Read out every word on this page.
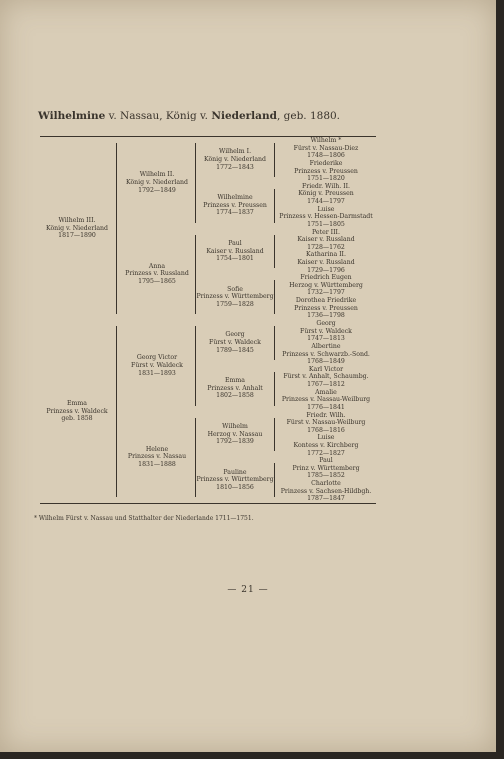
Wilhelmine v. Nassau, König v. Niederland, geb. 1880.
Wilhelm III.
König v. Niederland
1817—1890
Emma
Prinzess v. Waldeck
geb. 1858
Wilhelm II.
König v. Niederland
1792—1849
Anna
Prinzess v. Russland
1795—1865
Georg Victor
Fürst v. Waldeck
1831—1893
Helene
Prinzess v. Nassau
1831—1888
Wilhelm I.
König v. Niederland
1772—1843
Wilhelmine
Prinzess v. Preussen
1774—1837
Paul
Kaiser v. Russland
1754—1801
Sofie
Prinzess v. Württemberg
1759—1828
Georg
Fürst v. Waldeck
1789—1845
Emma
Prinzess v. Anhalt
1802—1858
Wilhelm
Herzog v. Nassau
1792—1839
Pauline
Prinzess v. Württemberg
1810—1856
Wilhelm *
Fürst v. Nassau-Diez
1748—1806
Friederike
Prinzess v. Preussen
1751—1820
Friedr. Wilh. II.
König v. Preussen
1744—1797
Luise
Prinzess v. Hessen-Darmstadt
1751—1805
Peter III.
Kaiser v. Russland
1728—1762
Katharina II.
Kaiser v. Russland
1729—1796
Friedrich Eugen
Herzog v. Württemberg
1732—1797
Dorothea Friedrike
Prinzess v. Preussen
1736—1798
Georg
Fürst v. Waldeck
1747—1813
Albertine
Prinzess v. Schwarzb.-Sond.
1768—1849
Karl Victor
Fürst v. Anhalt, Schaumbg.
1767—1812
Amalie
Prinzess v. Nassau-Weilburg
1776—1841
Friedr. Wilh.
Fürst v. Nassau-Weilburg
1768—1816
Luise
Kontess v. Kirchberg
1772—1827
Paul
Prinz v. Württemberg
1785—1852
Charlotte
Prinzess v. Sachsen-Hildbgh.
1787—1847
* Wilhelm Fürst v. Nassau und Statthalter der Niederlande 1711—1751.
— 21 —
